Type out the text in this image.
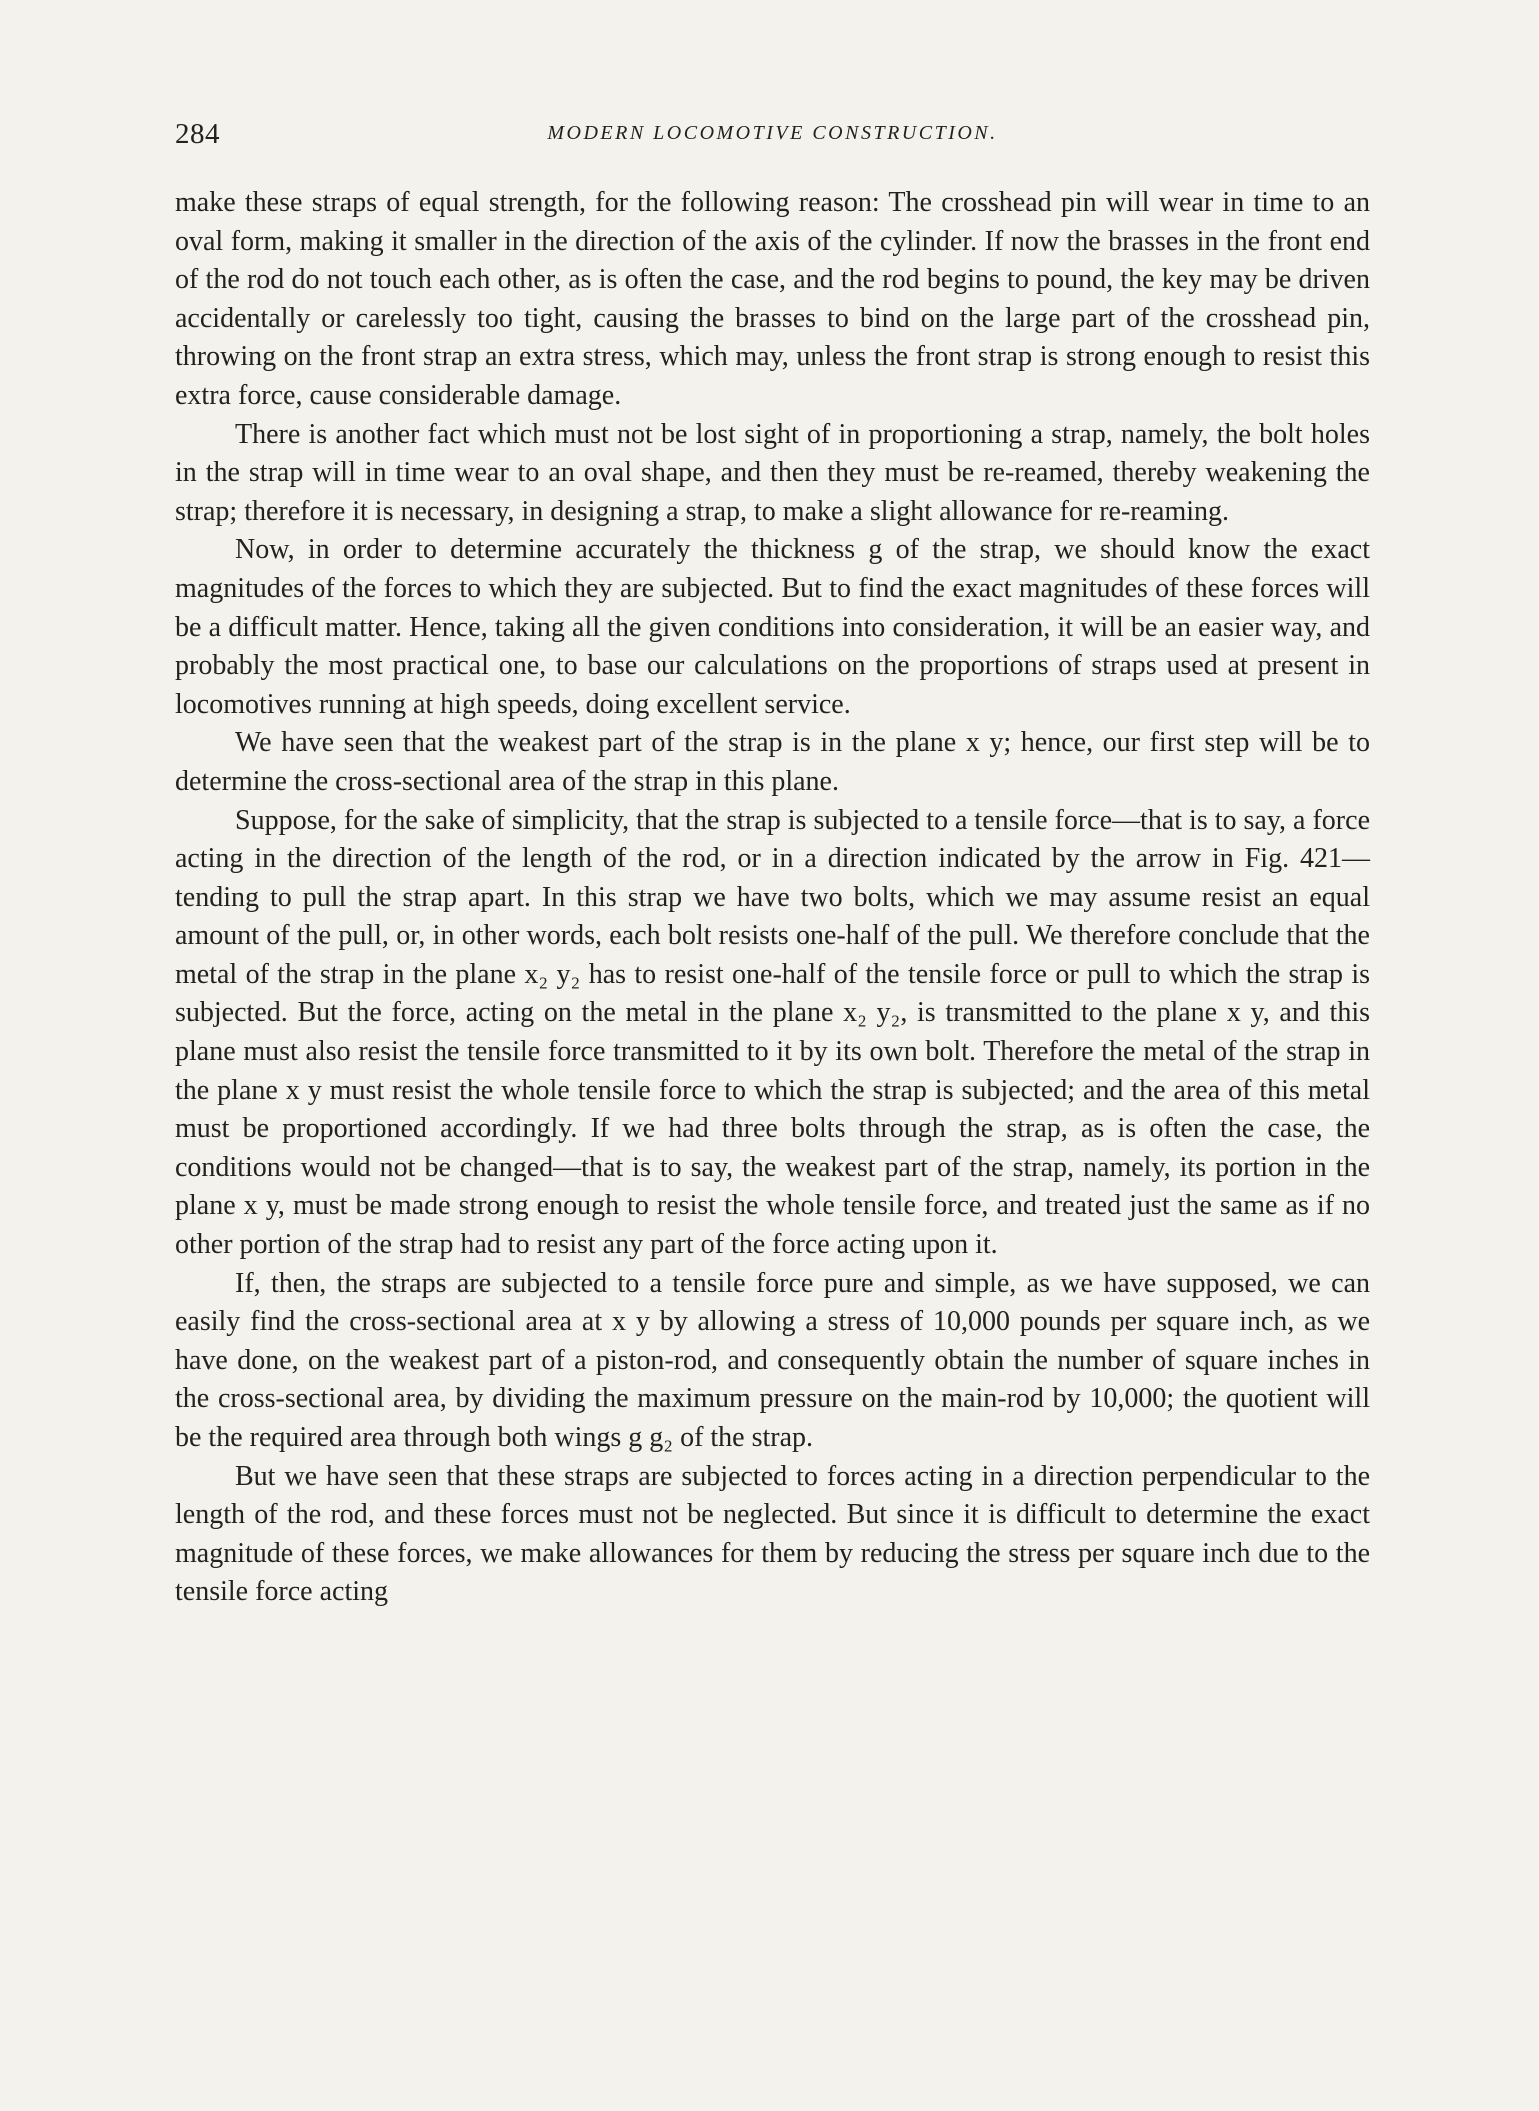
284	MODERN LOCOMOTIVE CONSTRUCTION.

make these straps of equal strength, for the following reason: The crosshead pin will wear in time to an oval form, making it smaller in the direction of the axis of the cylinder. If now the brasses in the front end of the rod do not touch each other, as is often the case, and the rod begins to pound, the key may be driven accidentally or carelessly too tight, causing the brasses to bind on the large part of the crosshead pin, throwing on the front strap an extra stress, which may, unless the front strap is strong enough to resist this extra force, cause considerable damage.

There is another fact which must not be lost sight of in proportioning a strap, namely, the bolt holes in the strap will in time wear to an oval shape, and then they must be re-reamed, thereby weakening the strap; therefore it is necessary, in designing a strap, to make a slight allowance for re-reaming.

Now, in order to determine accurately the thickness g of the strap, we should know the exact magnitudes of the forces to which they are subjected. But to find the exact magnitudes of these forces will be a difficult matter. Hence, taking all the given conditions into consideration, it will be an easier way, and probably the most practical one, to base our calculations on the proportions of straps used at present in locomotives running at high speeds, doing excellent service.

We have seen that the weakest part of the strap is in the plane x y; hence, our first step will be to determine the cross-sectional area of the strap in this plane.

Suppose, for the sake of simplicity, that the strap is subjected to a tensile force—that is to say, a force acting in the direction of the length of the rod, or in a direction indicated by the arrow in Fig. 421—tending to pull the strap apart. In this strap we have two bolts, which we may assume resist an equal amount of the pull, or, in other words, each bolt resists one-half of the pull. We therefore conclude that the metal of the strap in the plane x₂ y₂ has to resist one-half of the tensile force or pull to which the strap is subjected. But the force, acting on the metal in the plane x₂ y₂, is transmitted to the plane x y, and this plane must also resist the tensile force transmitted to it by its own bolt. Therefore the metal of the strap in the plane x y must resist the whole tensile force to which the strap is subjected; and the area of this metal must be proportioned accordingly. If we had three bolts through the strap, as is often the case, the conditions would not be changed—that is to say, the weakest part of the strap, namely, its portion in the plane x y, must be made strong enough to resist the whole tensile force, and treated just the same as if no other portion of the strap had to resist any part of the force acting upon it.

If, then, the straps are subjected to a tensile force pure and simple, as we have supposed, we can easily find the cross-sectional area at x y by allowing a stress of 10,000 pounds per square inch, as we have done, on the weakest part of a piston-rod, and consequently obtain the number of square inches in the cross-sectional area, by dividing the maximum pressure on the main-rod by 10,000; the quotient will be the required area through both wings g g₂ of the strap.

But we have seen that these straps are subjected to forces acting in a direction perpendicular to the length of the rod, and these forces must not be neglected. But since it is difficult to determine the exact magnitude of these forces, we make allowances for them by reducing the stress per square inch due to the tensile force acting
